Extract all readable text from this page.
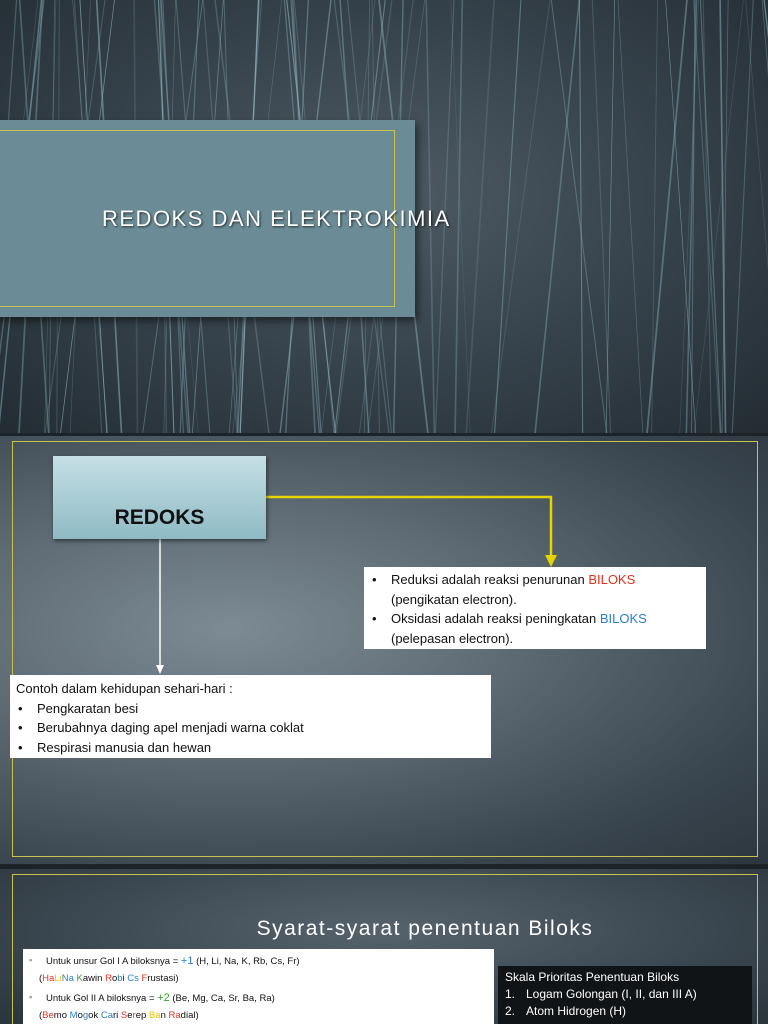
REDOKS DAN ELEKTROKIMIA
REDOKS
• Reduksi adalah reaksi penurunan BILOKS
(pengikatan electron).
• Oksidasi adalah reaksi peningkatan BILOKS
(pelepasan electron).
Contoh dalam kehidupan sehari-hari :
• Pengkaratan besi
• Berubahnya daging apel menjadi warna coklat
• Respirasi manusia dan hewan
Syarat-syarat penentuan Biloks
▪ Untuk unsur Gol I A biloksnya = +1 (H, Li, Na, K, Rb, Cs, Fr)
(HaLiNa Kawin Robi Cs Frustasi)
▪ Untuk Gol II A biloksnya = +2 (Be, Mg, Ca, Sr, Ba, Ra)
(Bemo Mogok Cari Serep Ban Radial)
Skala Prioritas Penentuan Biloks
1. Logam Golongan (I, II, dan III A)
2. Atom Hidrogen (H)
